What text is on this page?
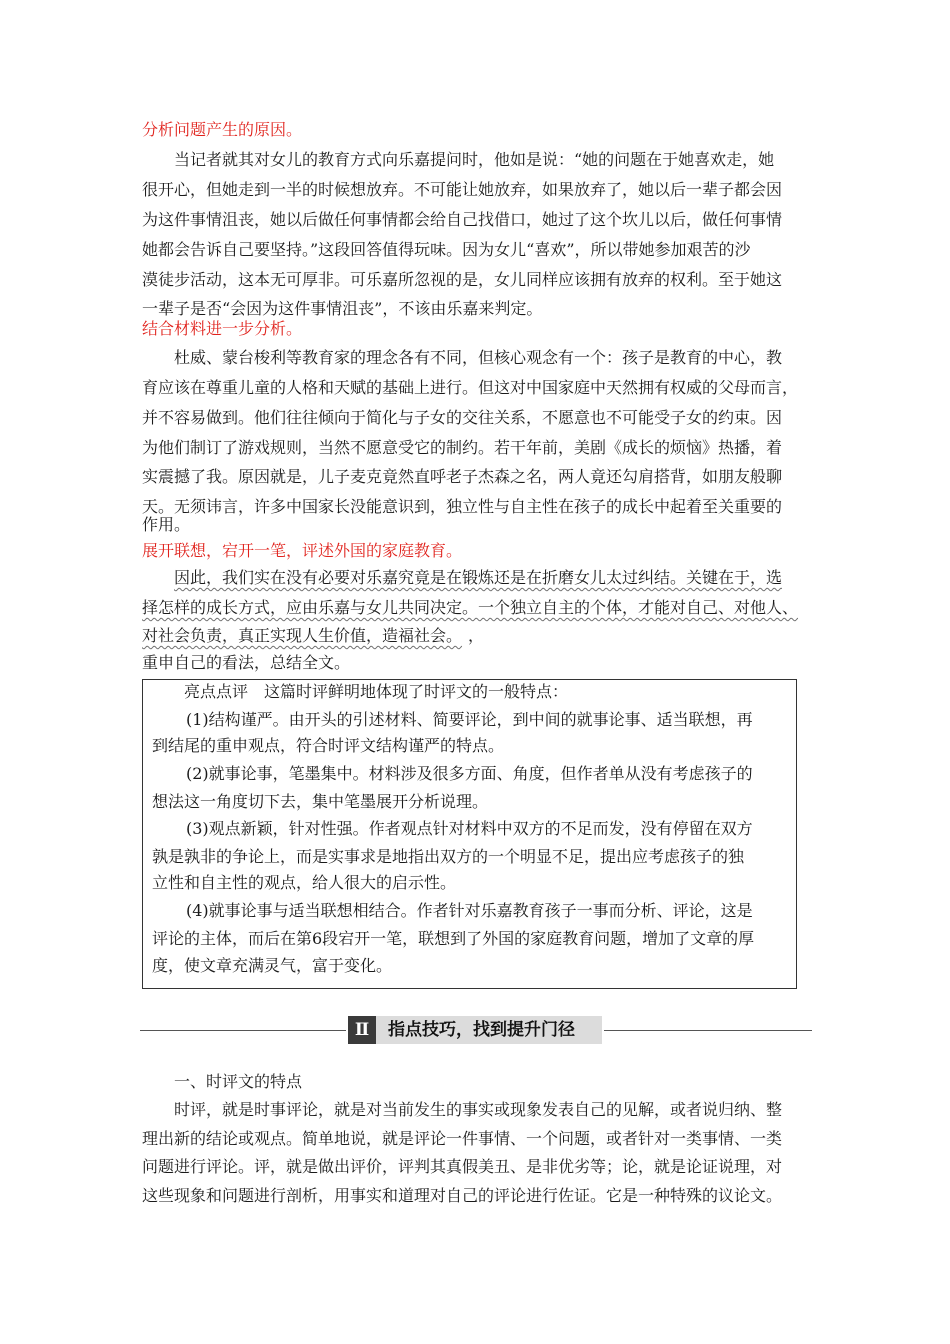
分析问题产生的原因。
当记者就其对女儿的教育方式向乐嘉提问时，他如是说：“她的问题在于她喜欢走，她
很开心，但她走到一半的时候想放弃。不可能让她放弃，如果放弃了，她以后一辈子都会因
为这件事情沮丧，她以后做任何事情都会给自己找借口，她过了这个坎儿以后，做任何事情
她都会告诉自己要坚持。”这段回答值得玩味。因为女儿“喜欢”，所以带她参加艰苦的沙
漠徒步活动，这本无可厚非。可乐嘉所忽视的是，女儿同样应该拥有放弃的权利。至于她这
一辈子是否“会因为这件事情沮丧”，不该由乐嘉来判定。
结合材料进一步分析。
杜威、蒙台梭利等教育家的理念各有不同，但核心观念有一个：孩子是教育的中心，教
育应该在尊重儿童的人格和天赋的基础上进行。但这对中国家庭中天然拥有权威的父母而言，
并不容易做到。他们往往倾向于简化与子女的交往关系，不愿意也不可能受子女的约束。因
为他们制订了游戏规则，当然不愿意受它的制约。若干年前，美剧《成长的烦恼》热播，着
实震撼了我。原因就是，儿子麦克竟然直呼老子杰森之名，两人竟还勾肩搭背，如朋友般聊
天。无须讳言，许多中国家长没能意识到，独立性与自主性在孩子的成长中起着至关重要的
作用。
展开联想，宕开一笔，评述外国的家庭教育。
因此，我们实在没有必要对乐嘉究竟是在锻炼还是在折磨女儿太过纠结。关键在于，选
择怎样的成长方式，应由乐嘉与女儿共同决定。一个独立自主的个体，才能对自己、对他人、
对社会负责，真正实现人生价值，造福社会。 ，
重申自己的看法，总结全文。
亮点点评　这篇时评鲜明地体现了时评文的一般特点：
(1)结构谨严。由开头的引述材料、简要评论，到中间的就事论事、适当联想，再
到结尾的重申观点，符合时评文结构谨严的特点。
(2)就事论事，笔墨集中。材料涉及很多方面、角度，但作者单从没有考虑孩子的
想法这一角度切下去，集中笔墨展开分析说理。
(3)观点新颖，针对性强。作者观点针对材料中双方的不足而发，没有停留在双方
孰是孰非的争论上，而是实事求是地指出双方的一个明显不足，提出应考虑孩子的独
立性和自主性的观点，给人很大的启示性。
(4)就事论事与适当联想相结合。作者针对乐嘉教育孩子一事而分析、评论，这是
评论的主体，而后在第6段宕开一笔，联想到了外国的家庭教育问题，增加了文章的厚
度，使文章充满灵气，富于变化。
Ⅱ	指点技巧，找到提升门径
一、时评文的特点
时评，就是时事评论，就是对当前发生的事实或现象发表自己的见解，或者说归纳、整
理出新的结论或观点。简单地说，就是评论一件事情、一个问题，或者针对一类事情、一类
问题进行评论。评，就是做出评价，评判其真假美丑、是非优劣等；论，就是论证说理，对
这些现象和问题进行剖析，用事实和道理对自己的评论进行佐证。它是一种特殊的议论文。
